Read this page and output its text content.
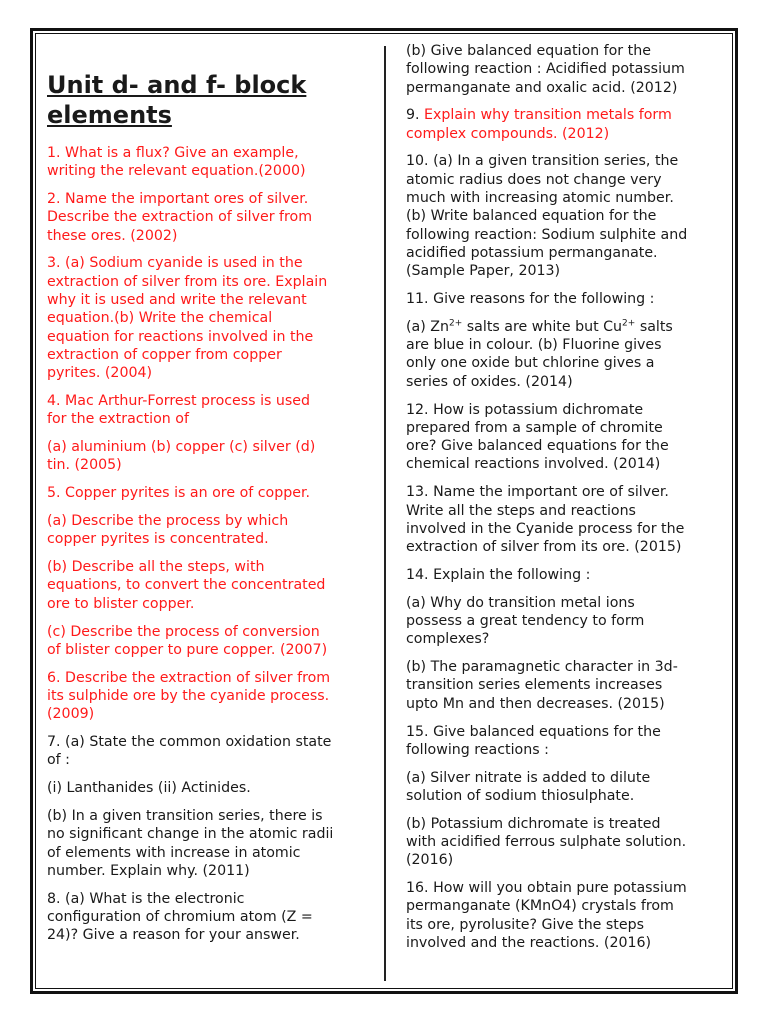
Unit d- and f- block elements

1. What is a flux? Give an example,
writing the relevant equation.(2000)

2. Name the important ores of silver.
Describe the extraction of silver from
these ores. (2002)

3. (a) Sodium cyanide is used in the
extraction of silver from its ore. Explain
why it is used and write the relevant
equation.(b) Write the chemical
equation for reactions involved in the
extraction of copper from copper
pyrites. (2004)

4. Mac Arthur-Forrest process is used
for the extraction of

(a) aluminium (b) copper (c) silver (d)
tin. (2005)

5. Copper pyrites is an ore of copper.

(a) Describe the process by which
copper pyrites is concentrated.

(b) Describe all the steps, with
equations, to convert the concentrated
ore to blister copper.

(c) Describe the process of conversion
of blister copper to pure copper. (2007)

6. Describe the extraction of silver from
its sulphide ore by the cyanide process.
(2009)

7. (a) State the common oxidation state
of :

(i) Lanthanides (ii) Actinides.

(b) In a given transition series, there is
no significant change in the atomic radii
of elements with increase in atomic
number. Explain why. (2011)

8. (a) What is the electronic
configuration of chromium atom (Z =
24)? Give a reason for your answer.

(b) Give balanced equation for the
following reaction : Acidified potassium
permanganate and oxalic acid. (2012)

9. Explain why transition metals form
complex compounds. (2012)

10. (a) In a given transition series, the
atomic radius does not change very
much with increasing atomic number.
(b) Write balanced equation for the
following reaction: Sodium sulphite and
acidified potassium permanganate.
(Sample Paper, 2013)

11. Give reasons for the following :

(a) $Zn^{2+}$ salts are white but $Cu^{2+}$ salts
are blue in colour. (b) Fluorine gives
only one oxide but chlorine gives a
series of oxides. (2014)

12. How is potassium dichromate
prepared from a sample of chromite
ore? Give balanced equations for the
chemical reactions involved. (2014)

13. Name the important ore of silver.
Write all the steps and reactions
involved in the Cyanide process for the
extraction of silver from its ore. (2015)

14. Explain the following :

(a) Why do transition metal ions
possess a great tendency to form
complexes?

(b) The paramagnetic character in 3d-
transition series elements increases
upto Mn and then decreases. (2015)

15. Give balanced equations for the
following reactions :

(a) Silver nitrate is added to dilute
solution of sodium thiosulphate.

(b) Potassium dichromate is treated
with acidified ferrous sulphate solution.
(2016)

16. How will you obtain pure potassium
permanganate (KMnO4) crystals from
its ore, pyrolusite? Give the steps
involved and the reactions. (2016)
